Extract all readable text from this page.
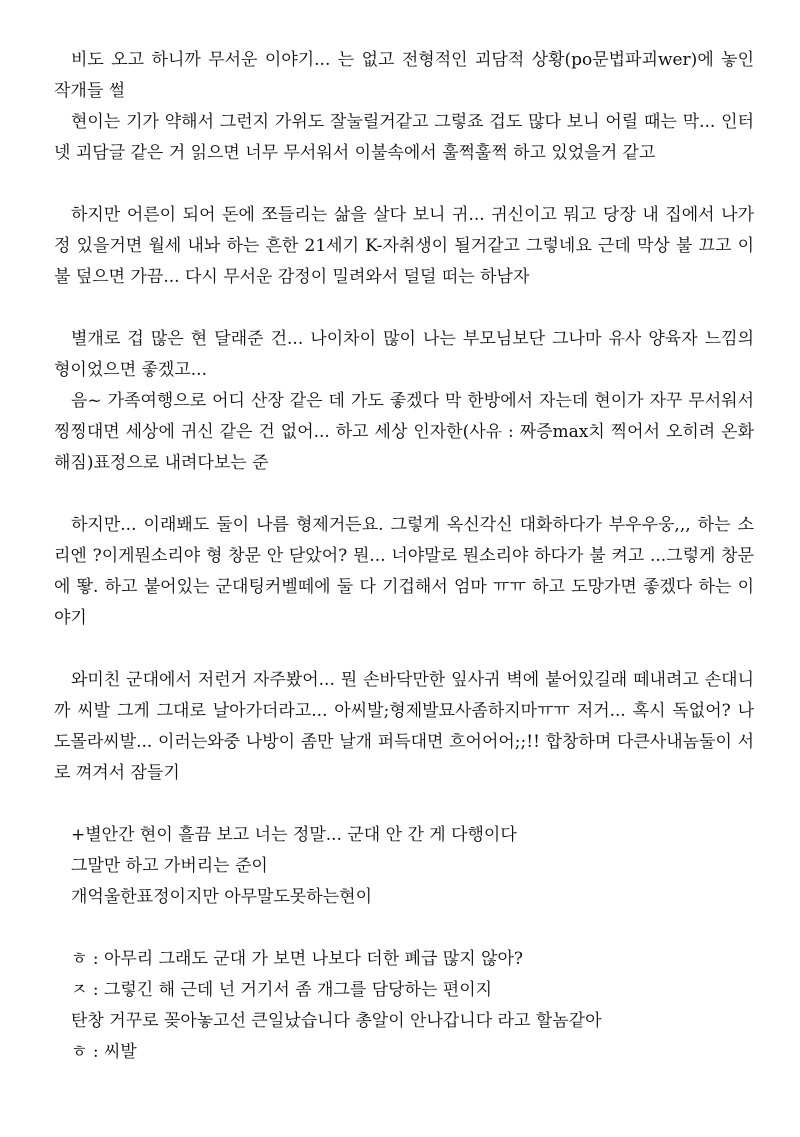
비도 오고 하니까 무서운 이야기... 는 없고 전형적인 괴담적 상황(po문법파괴wer)에 놓인 작개들 썰

현이는 기가 약해서 그런지 가위도 잘눌릴거같고 그렇죠 겁도 많다 보니 어릴 때는 막... 인터넷 괴담글 같은 거 읽으면 너무 무서워서 이불속에서 훌쩍훌쩍 하고 있었을거 같고

하지만 어른이 되어 돈에 쪼들리는 삶을 살다 보니 귀... 귀신이고 뭐고 당장 내 집에서 나가 정 있을거면 월세 내놔 하는 흔한 21세기 K-자취생이 될거같고 그렇네요 근데 막상 불 끄고 이불 덮으면 가끔... 다시 무서운 감정이 밀려와서 덜덜 떠는 하남자

별개로 겁 많은 현 달래준 건... 나이차이 많이 나는 부모님보단 그나마 유사 양육자 느낌의 형이었으면 좋겠고...

음~ 가족여행으로 어디 산장 같은 데 가도 좋겠다 막 한방에서 자는데 현이가 자꾸 무서워서 찡찡대면 세상에 귀신 같은 건 없어... 하고 세상 인자한(사유 : 짜증max치 찍어서 오히려 온화해짐)표정으로 내려다보는 준

하지만... 이래봬도 둘이 나름 형제거든요. 그렇게 옥신각신 대화하다가 부우우웅,,, 하는 소리엔 ?이게뭔소리야 형 창문 안 닫았어? 뭔... 너야말로 뭔소리야 하다가 불 켜고 ...그렇게 창문에 뙇. 하고 붙어있는 군대팅커벨떼에 둘 다 기겁해서 엄마 ㅠㅠ 하고 도망가면 좋겠다 하는 이야기

와미친 군대에서 저런거 자주봤어... 뭔 손바닥만한 잎사귀 벽에 붙어있길래 떼내려고 손대니까 씨발 그게 그대로 날아가더라고... 아씨발;형제발묘사좀하지마ㅠㅠ 저거... 혹시 독없어? 나도몰라씨발... 이러는와중 나방이 좀만 날개 퍼득대면 흐어어어;;!! 합창하며 다큰사내놈둘이 서로 껴겨서 잠들기

+별안간 현이 흘끔 보고 너는 정말... 군대 안 간 게 다행이다

그말만 하고 가버리는 준이

개억울한표정이지만 아무말도못하는현이

ㅎ : 아무리 그래도 군대 가 보면 나보다 더한 폐급 많지 않아?

ㅈ : 그렇긴 해 근데 넌 거기서 좀 개그를 담당하는 편이지

탄창 거꾸로 꽂아놓고선 큰일났습니다 총알이 안나갑니다 라고 할놈같아

ㅎ : 씨발
